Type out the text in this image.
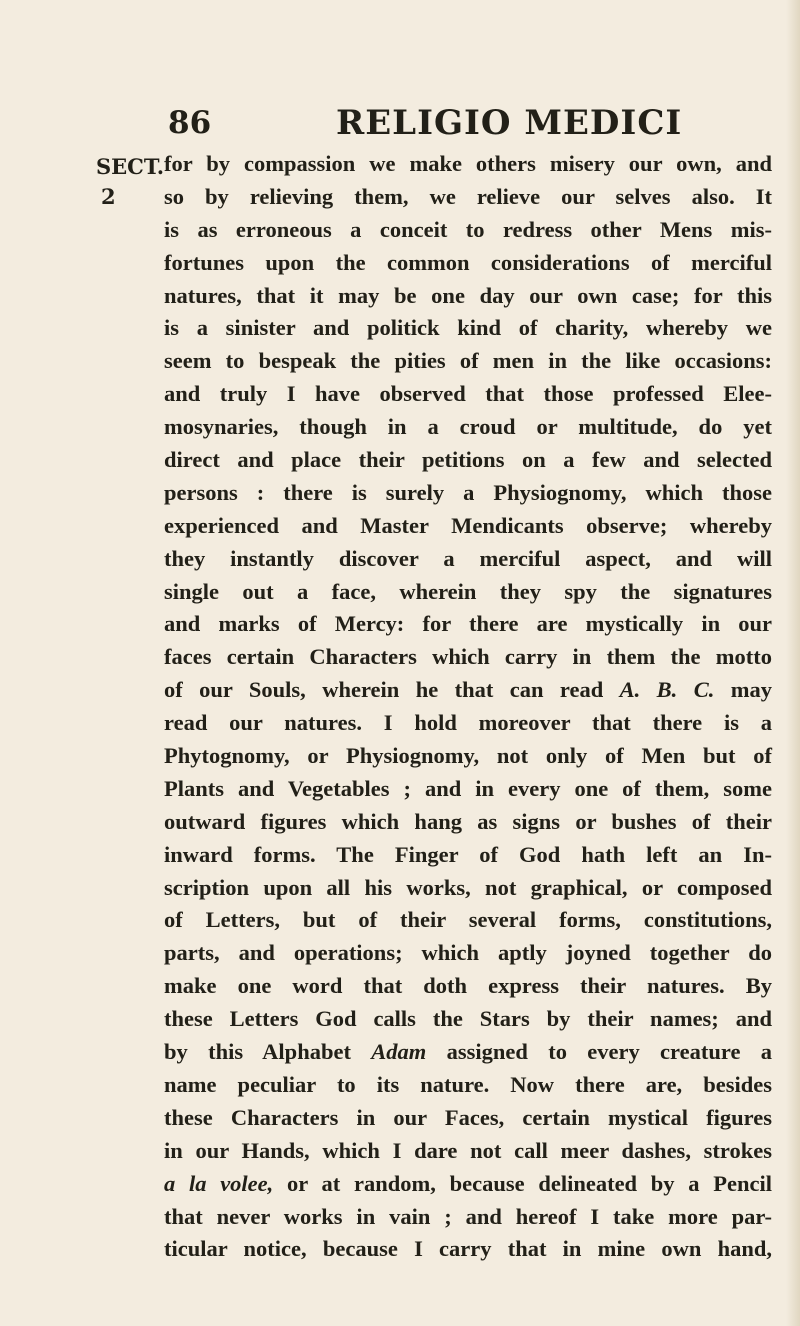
86	RELIGIO MEDICI
SECT.
2
for by compassion we make others misery our own, and
so by relieving them, we relieve our selves also. It
is as erroneous a conceit to redress other Mens mis-
fortunes upon the common considerations of merciful
natures, that it may be one day our own case; for this
is a sinister and politick kind of charity, whereby we
seem to bespeak the pities of men in the like occasions:
and truly I have observed that those professed Elee-
mosynaries, though in a croud or multitude, do yet
direct and place their petitions on a few and selected
persons : there is surely a Physiognomy, which those
experienced and Master Mendicants observe; whereby
they instantly discover a merciful aspect, and will
single out a face, wherein they spy the signatures
and marks of Mercy: for there are mystically in our
faces certain Characters which carry in them the motto
of our Souls, wherein he that can read A. B. C. may
read our natures. I hold moreover that there is a
Phytognomy, or Physiognomy, not only of Men but of
Plants and Vegetables ; and in every one of them, some
outward figures which hang as signs or bushes of their
inward forms. The Finger of God hath left an In-
scription upon all his works, not graphical, or composed
of Letters, but of their several forms, constitutions,
parts, and operations; which aptly joyned together do
make one word that doth express their natures. By
these Letters God calls the Stars by their names; and
by this Alphabet Adam assigned to every creature a
name peculiar to its nature. Now there are, besides
these Characters in our Faces, certain mystical figures
in our Hands, which I dare not call meer dashes, strokes
a la volee, or at random, because delineated by a Pencil
that never works in vain ; and hereof I take more par-
ticular notice, because I carry that in mine own hand,
